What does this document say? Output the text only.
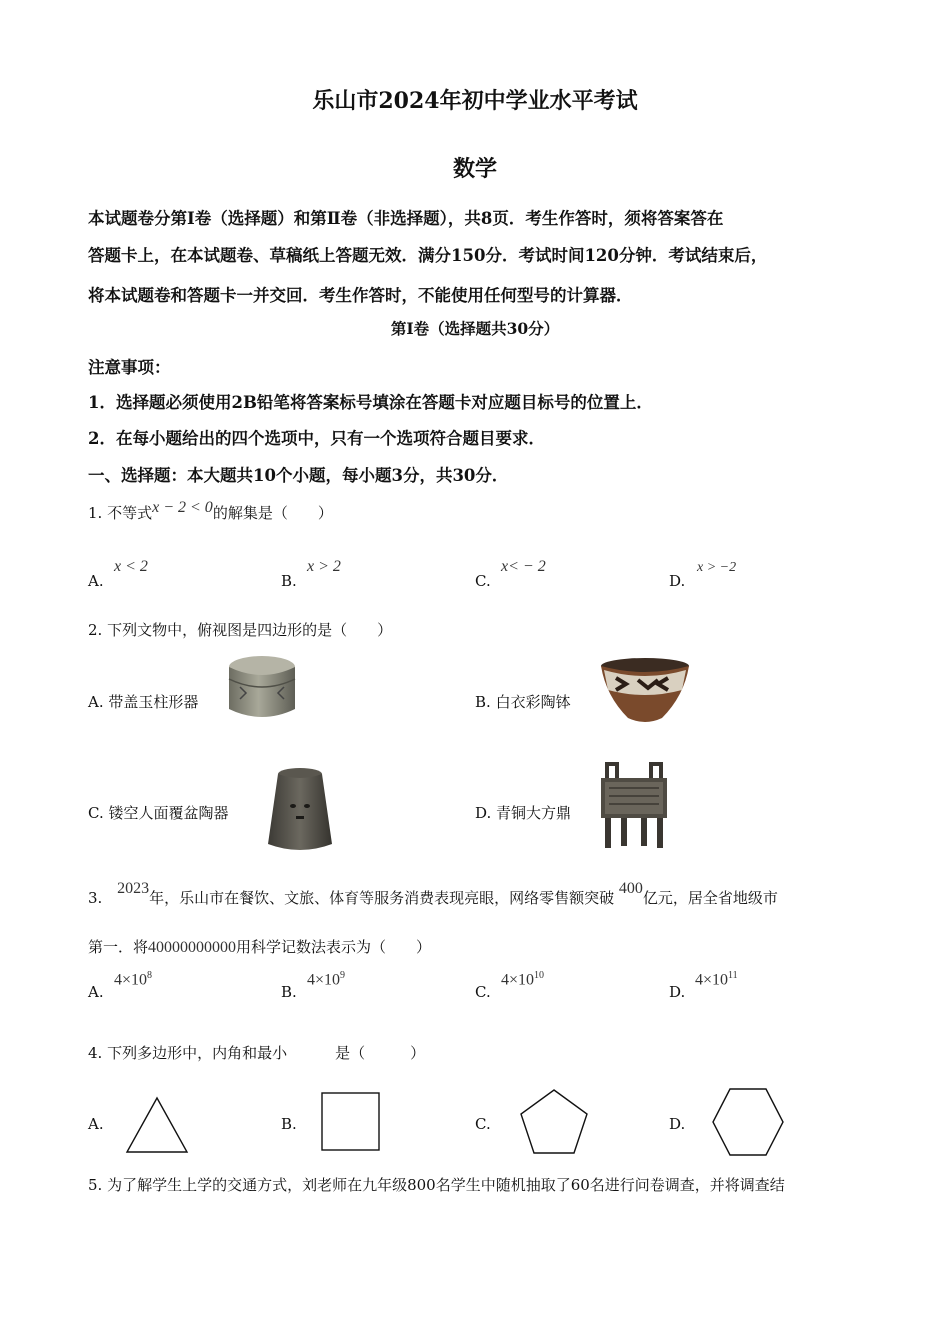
乐山市2024年初中学业水平考试
数学
本试题卷分第Ⅰ卷（选择题）和第Ⅱ卷（非选择题），共8页．考生作答时，须将答案答在
答题卡上，在本试题卷、草稿纸上答题无效．满分150分．考试时间120分钟．考试结束后，
将本试题卷和答题卡一并交回．考生作答时，不能使用任何型号的计算器．
第Ⅰ卷（选择题共30分）
注意事项：
1．选择题必须使用2B铅笔将答案标号填涂在答题卡对应题目标号的位置上．
2．在每小题给出的四个选项中，只有一个选项符合题目要求．
一、选择题：本大题共10个小题，每小题3分，共30分．
1. 不等式x − 2 < 0的解集是（　　）
A.
x < 2
B.
x > 2
C.
x< − 2
D.
x > −2
2. 下列文物中，俯视图是四边形的是（　　）
A. 带盖玉柱形器	B. 白衣彩陶钵
C. 镂空人面覆盆陶器	D. 青铜大方鼎
3. 2023年，乐山市在餐饮、文旅、体育等服务消费表现亮眼，网络零售额突破 400亿元，居全省地级市
第一．将40000000000用科学记数法表示为（　　）
A.
$4\times 10^8$
B.
$4\times 10^9$
C.
$4\times 10^{10}$
D.
$4\times 10^{11}$
4. 下列多边形中，内角和最小	是（　　　）
A.	B.	C.	D.
5. 为了解学生上学的交通方式，刘老师在九年级800名学生中随机抽取了60名进行问卷调查，并将调查结
